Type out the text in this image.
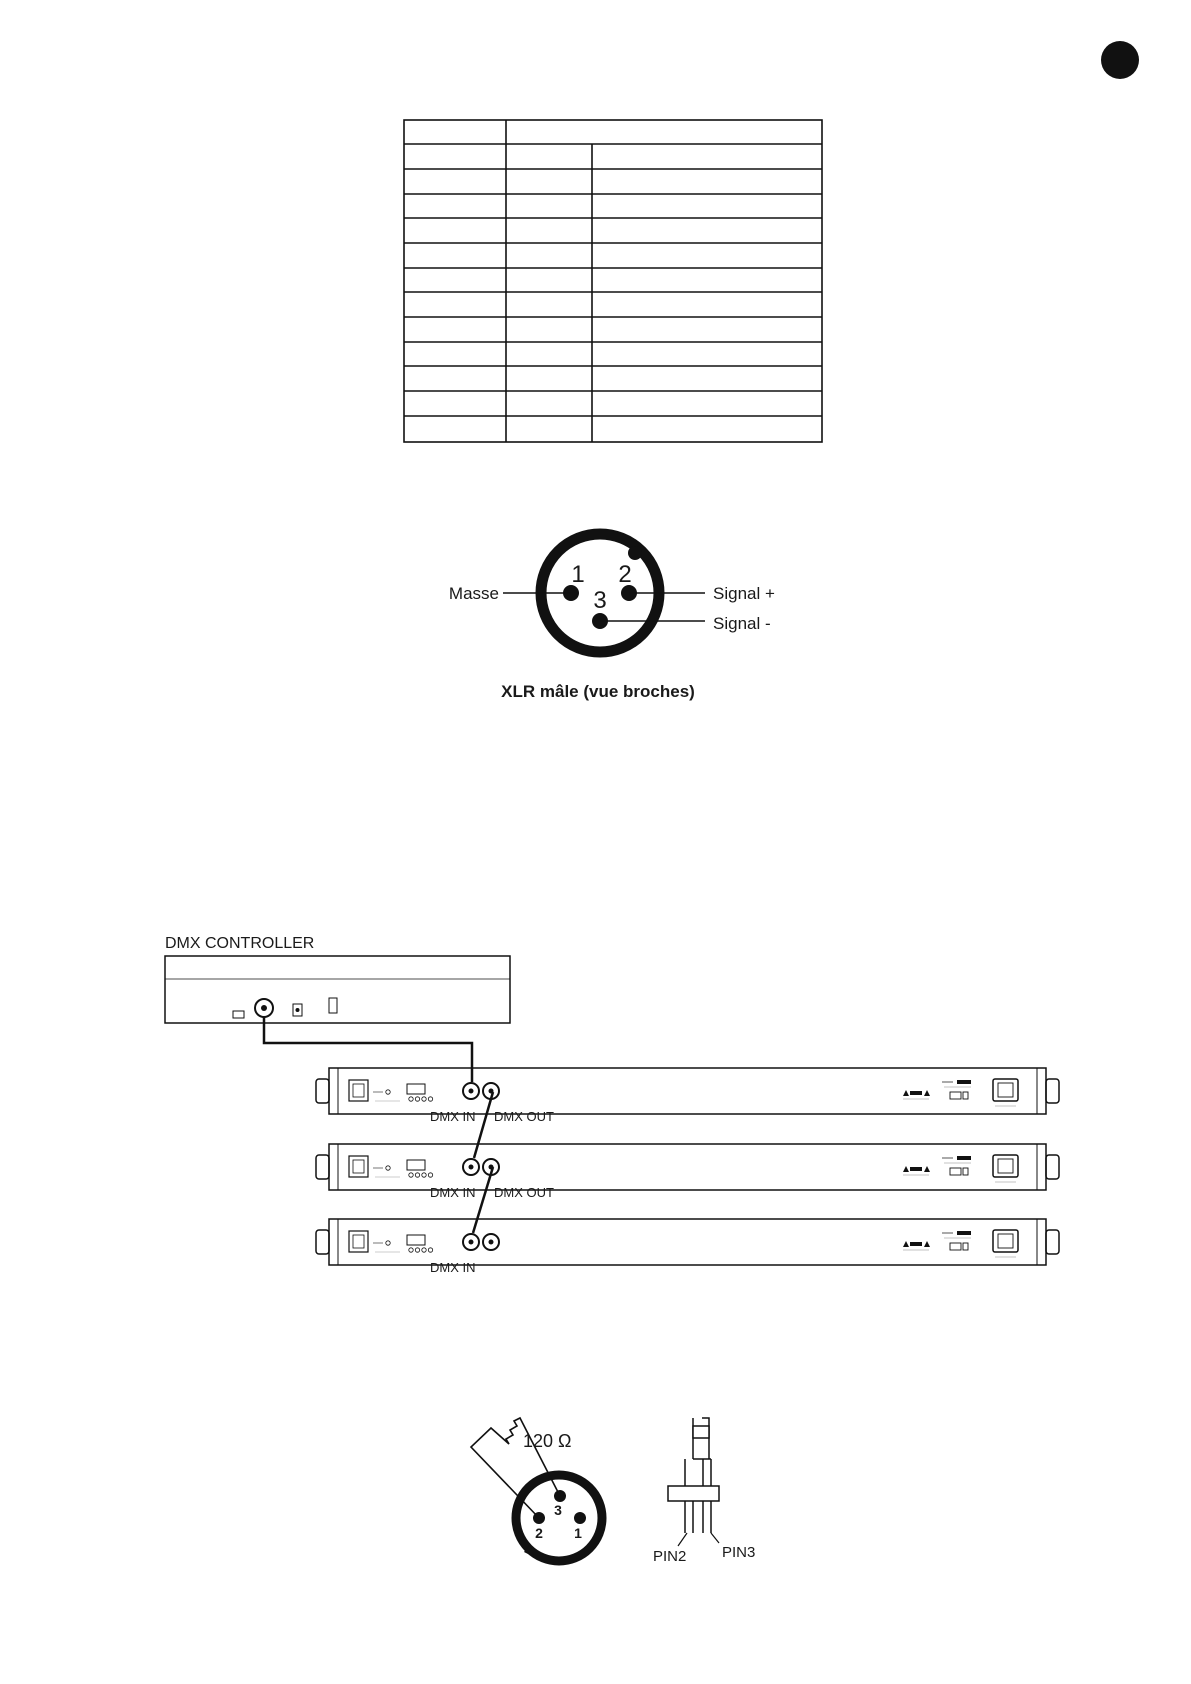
1 2
3
Masse	Signal +
Signal -
XLR mâle (vue broches)
DMX CONTROLLER
DMX IN DMX OUT
DMX IN DMX OUT
DMX IN
3
2 1
120 Ω
PIN2 PIN3
